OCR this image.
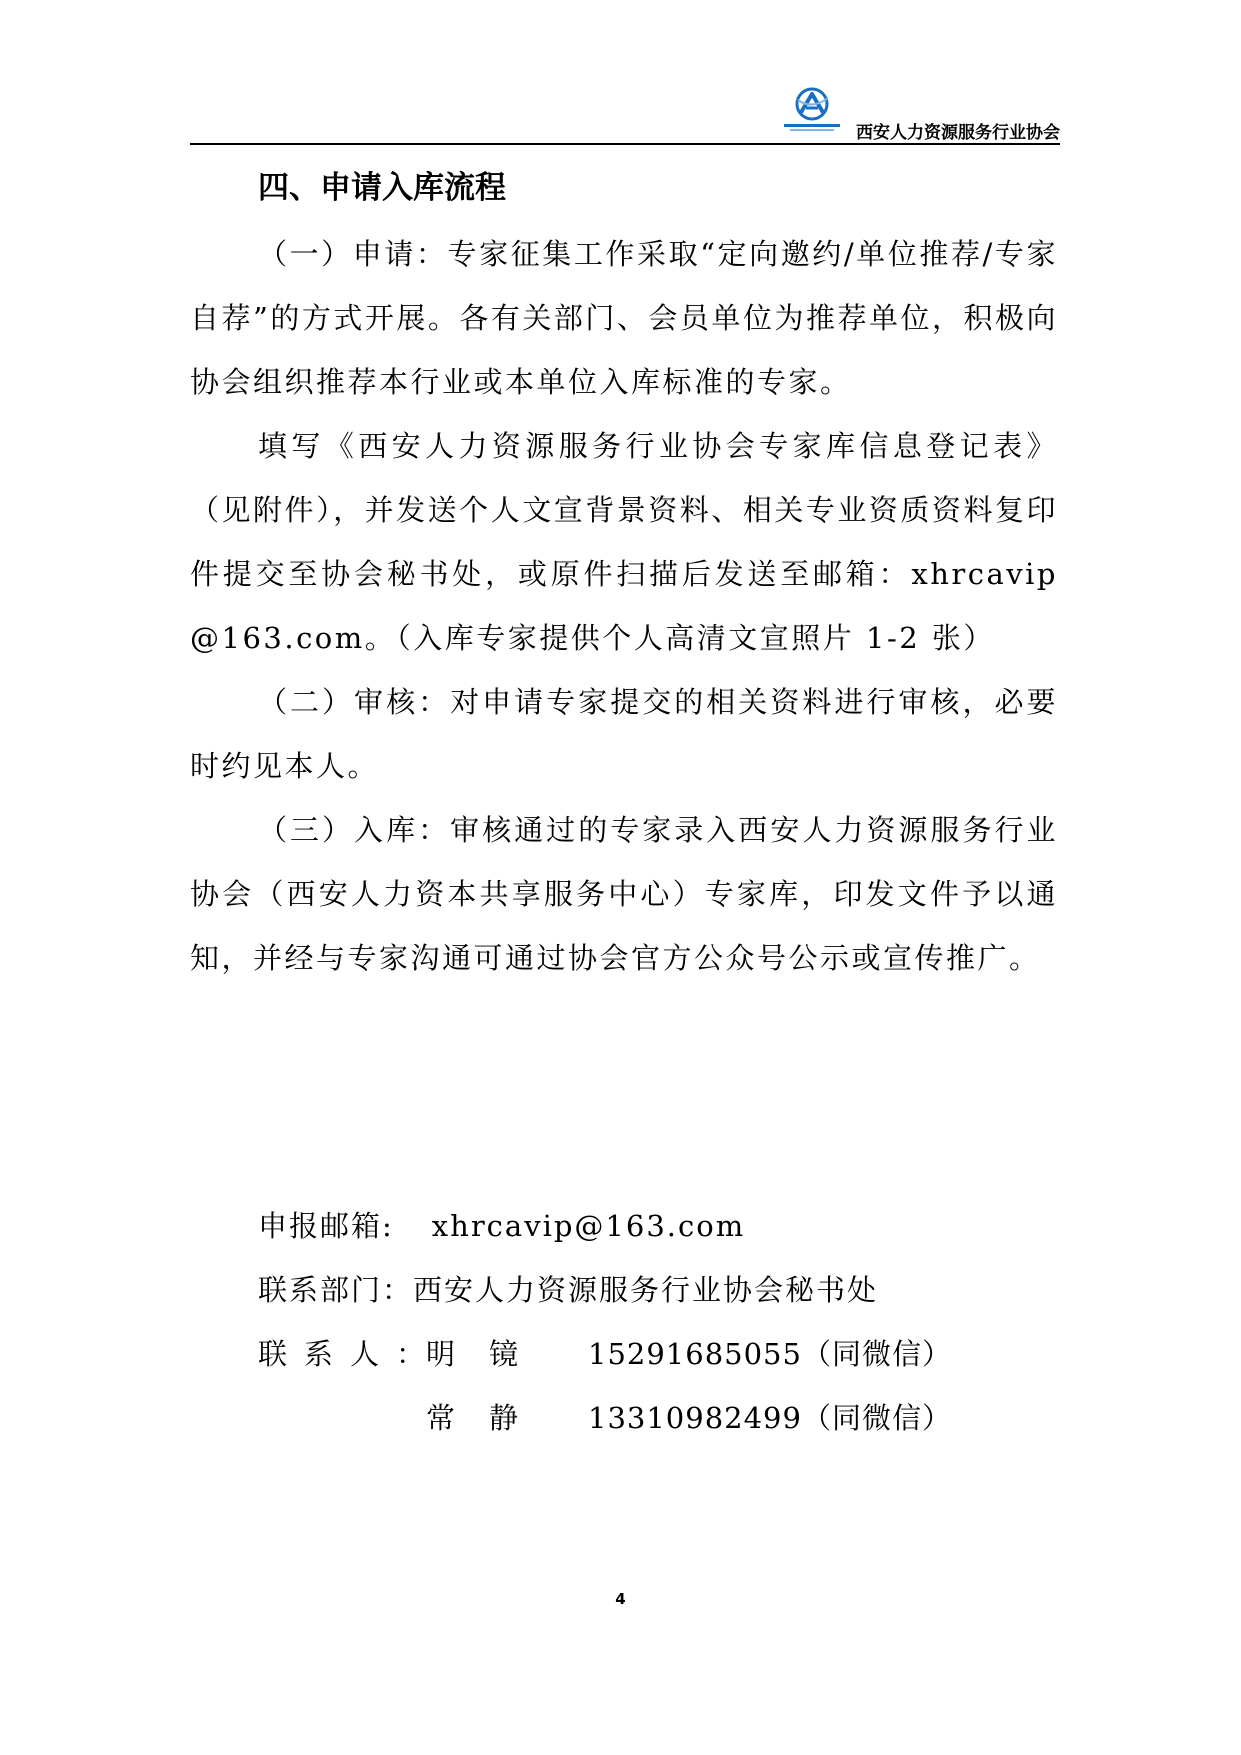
西安人力资源服务行业协会
四、申请入库流程

（一）申请：专家征集工作采取“定向邀约/单位推荐/专家自荐”的方式开展。各有关部门、会员单位为推荐单位，积极向协会组织推荐本行业或本单位入库标准的专家。

填写《西安人力资源服务行业协会专家库信息登记表》（见附件），并发送个人文宣背景资料、相关专业资质资料复印件提交至协会秘书处，或原件扫描后发送至邮箱：xhrcavip@163.com。（入库专家提供个人高清文宣照片 1-2 张）

（二）审核：对申请专家提交的相关资料进行审核，必要时约见本人。

（三）入库：审核通过的专家录入西安人力资源服务行业协会（西安人力资本共享服务中心）专家库，印发文件予以通知，并经与专家沟通可通过协会官方公众号公示或宣传推广。

申报邮箱: xhrcavip@163.com
联系部门：西安人力资源服务行业协会秘书处
联系人：
明镜 15291685055（同微信）
常静 13310982499（同微信）
4
